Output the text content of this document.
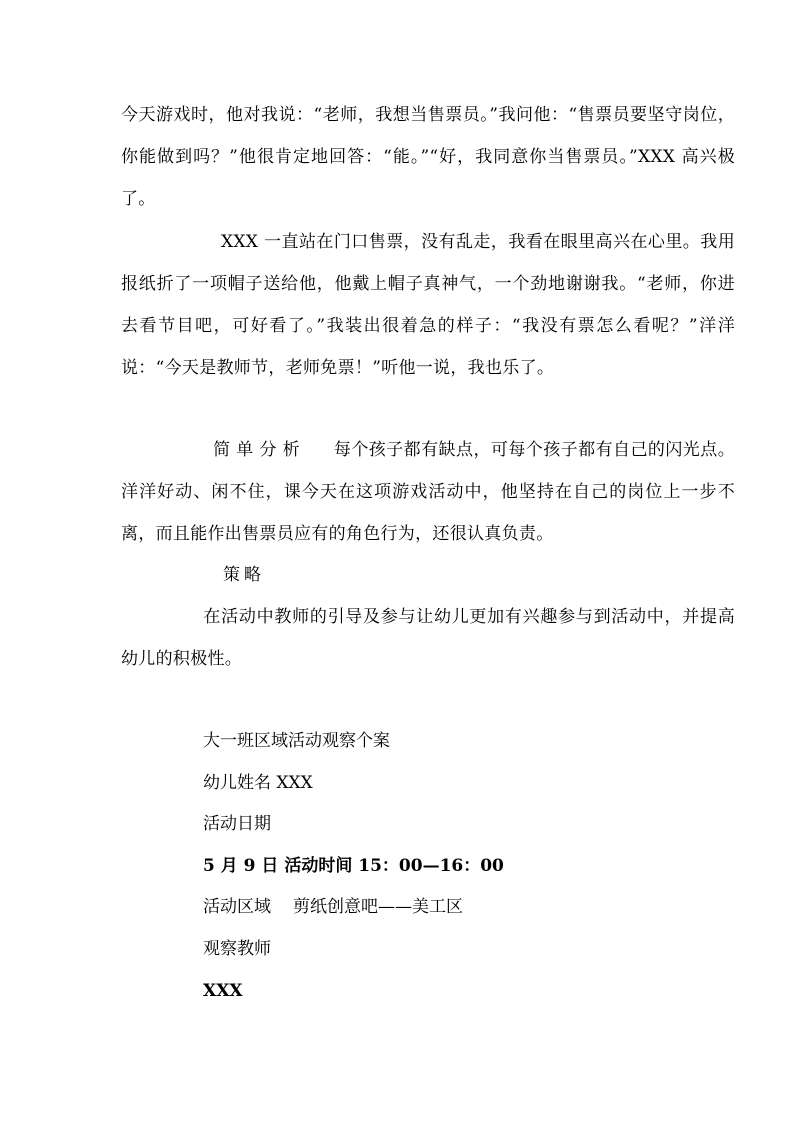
今天游戏时，他对我说：“老师，我想当售票员。”我问他：“售票员要坚守岗位，你能做到吗？”他很肯定地回答：“能。”“好，我同意你当售票员。”XXX 高兴极了。
XXX 一直站在门口售票，没有乱走，我看在眼里高兴在心里。我用报纸折了一项帽子送给他，他戴上帽子真神气，一个劲地谢谢我。“老师，你进去看节目吧，可好看了。”我装出很着急的样子：“我没有票怎么看呢？”洋洋说：“今天是教师节，老师免票！”听他一说，我也乐了。
简单分析 每个孩子都有缺点，可每个孩子都有自己的闪光点。洋洋好动、闲不住，课今天在这项游戏活动中，他坚持在自己的岗位上一步不离，而且能作出售票员应有的角色行为，还很认真负责。
策略
在活动中教师的引导及参与让幼儿更加有兴趣参与到活动中，并提高幼儿的积极性。
大一班区域活动观察个案
幼儿姓名 XXX
活动日期
5 月 9 日 活动时间 15：00—16：00
活动区域 剪纸创意吧——美工区
观察教师
XXX
